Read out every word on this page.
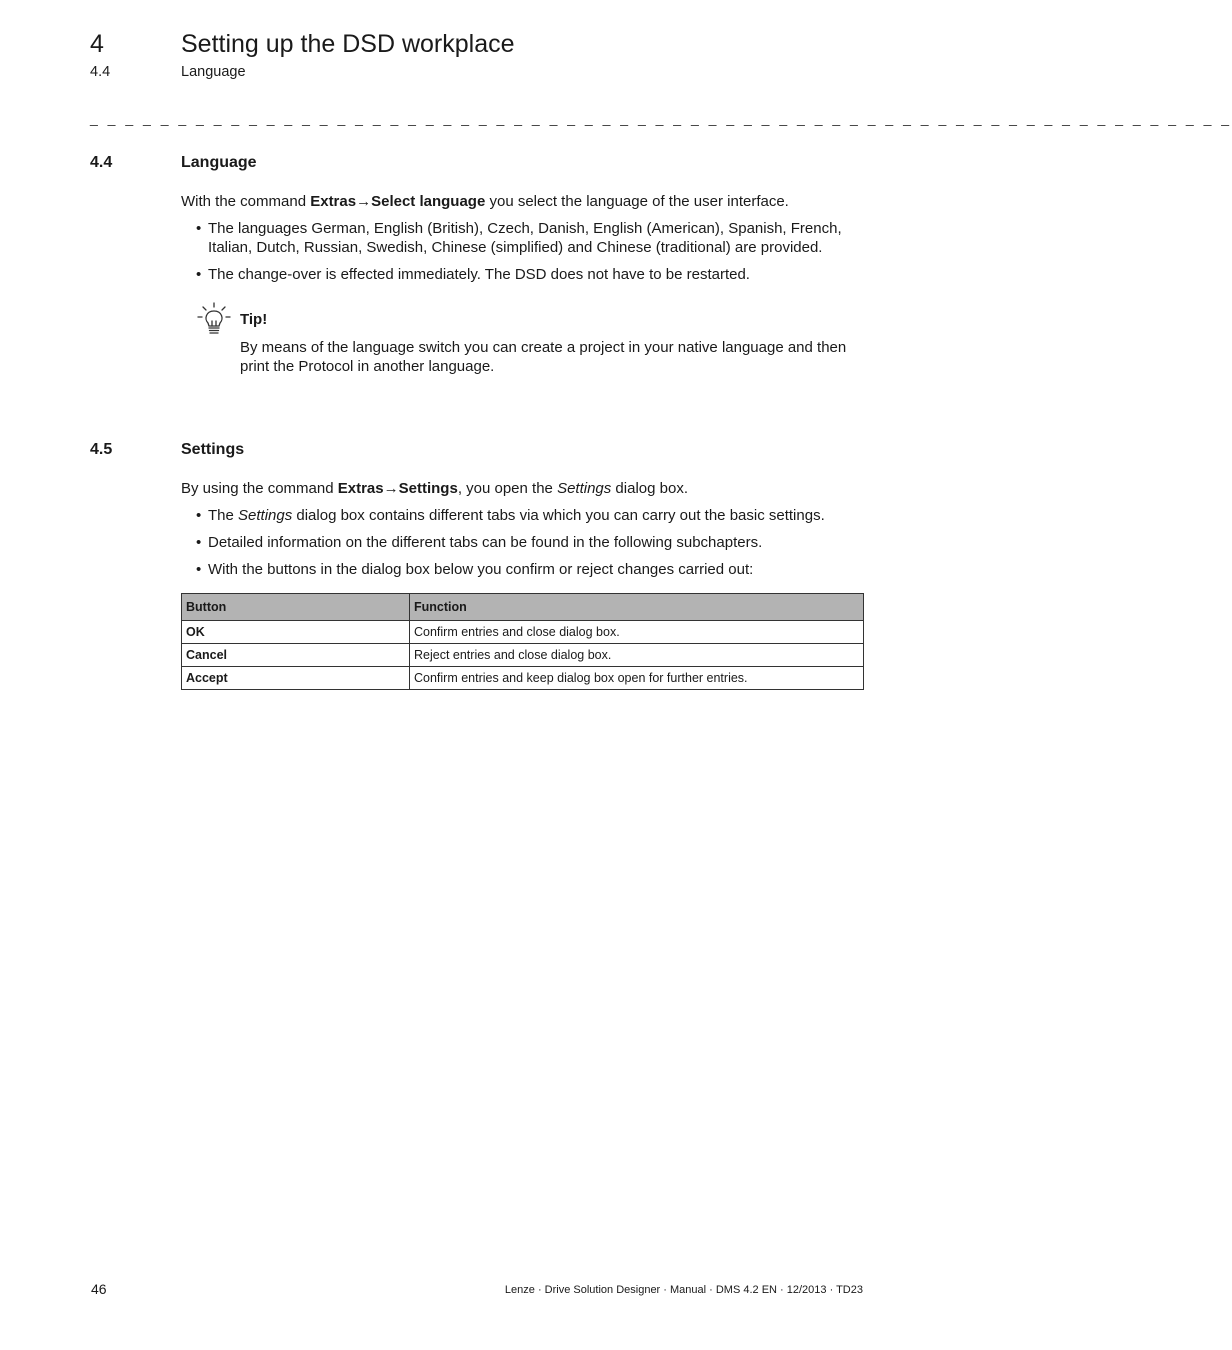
4	Setting up the DSD workplace
4.4	Language
_ _ _ _ _ _ _ _ _ _ _ _ _ _ _ _ _ _ _ _ _ _ _ _ _ _ _ _ _ _ _ _ _ _ _ _ _ _ _ _ _ _ _ _ _ _ _ _ _ _ _ _ _ _ _ _ _ _ _ _ _ _ _ _ _
4.4	Language
With the command Extras→Select language you select the language of the user interface.
• The languages German, English (British), Czech, Danish, English (American), Spanish, French, Italian, Dutch, Russian, Swedish, Chinese (simplified) and Chinese (traditional) are provided.
• The change-over is effected immediately. The DSD does not have to be restarted.
Tip!
By means of the language switch you can create a project in your native language and then print the Protocol in another language.
4.5	Settings
By using the command Extras→Settings, you open the Settings dialog box.
• The Settings dialog box contains different tabs via which you can carry out the basic settings.
• Detailed information on the different tabs can be found in the following subchapters.
• With the buttons in the dialog box below you confirm or reject changes carried out:
Button	Function
OK	Confirm entries and close dialog box.
Cancel	Reject entries and close dialog box.
Accept	Confirm entries and keep dialog box open for further entries.
46	Lenze · Drive Solution Designer · Manual · DMS 4.2 EN · 12/2013 · TD23
